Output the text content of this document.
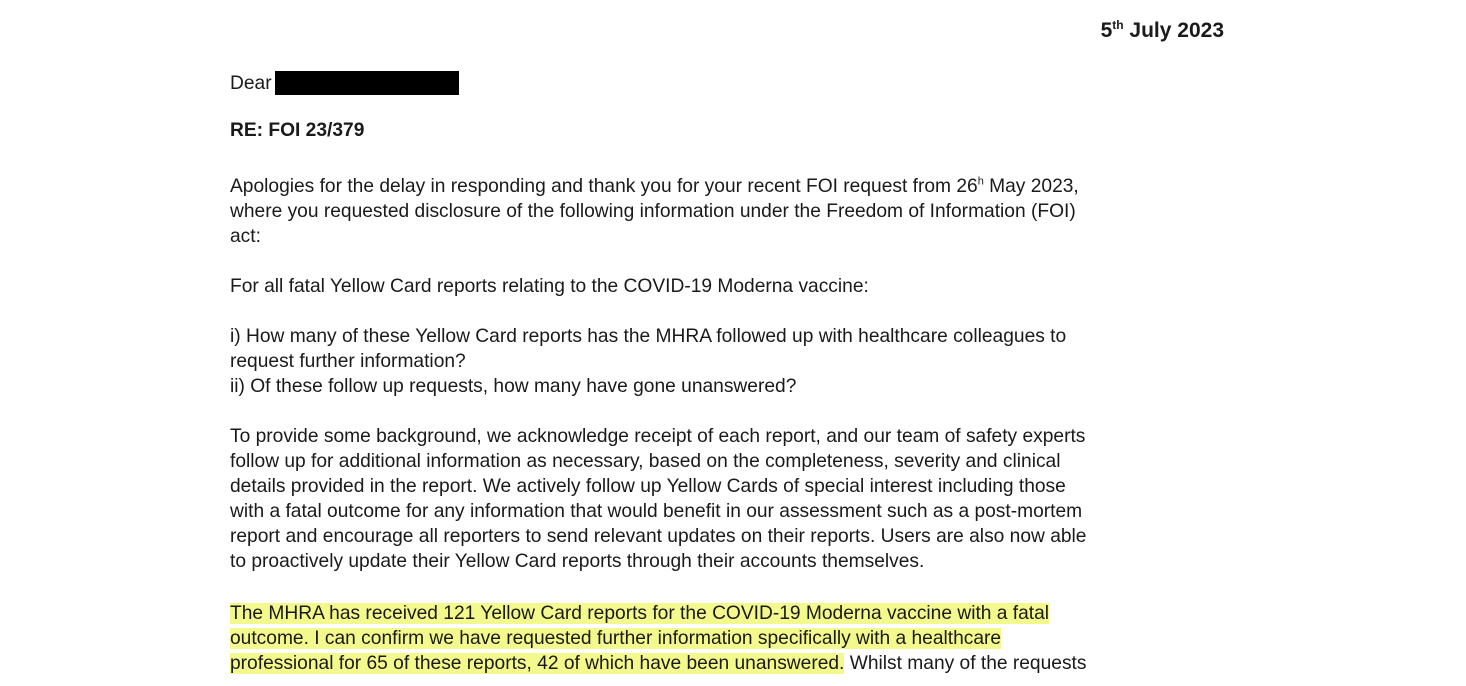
5th July 2023
Dear
RE: FOI 23/379

Apologies for the delay in responding and thank you for your recent FOI request from 26$^h$ May 2023,
where you requested disclosure of the following information under the Freedom of Information (FOI)
act:

For all fatal Yellow Card reports relating to the COVID-19 Moderna vaccine:

i) How many of these Yellow Card reports has the MHRA followed up with healthcare colleagues to
request further information?
ii) Of these follow up requests, how many have gone unanswered?

To provide some background, we acknowledge receipt of each report, and our team of safety experts
follow up for additional information as necessary, based on the completeness, severity and clinical
details provided in the report. We actively follow up Yellow Cards of special interest including those
with a fatal outcome for any information that would benefit in our assessment such as a post-mortem
report and encourage all reporters to send relevant updates on their reports. Users are also now able
to proactively update their Yellow Card reports through their accounts themselves.

The MHRA has received 121 Yellow Card reports for the COVID-19 Moderna vaccine with a fatal
outcome. I can confirm we have requested further information specifically with a healthcare
professional for 65 of these reports, 42 of which have been unanswered. Whilst many of the requests
